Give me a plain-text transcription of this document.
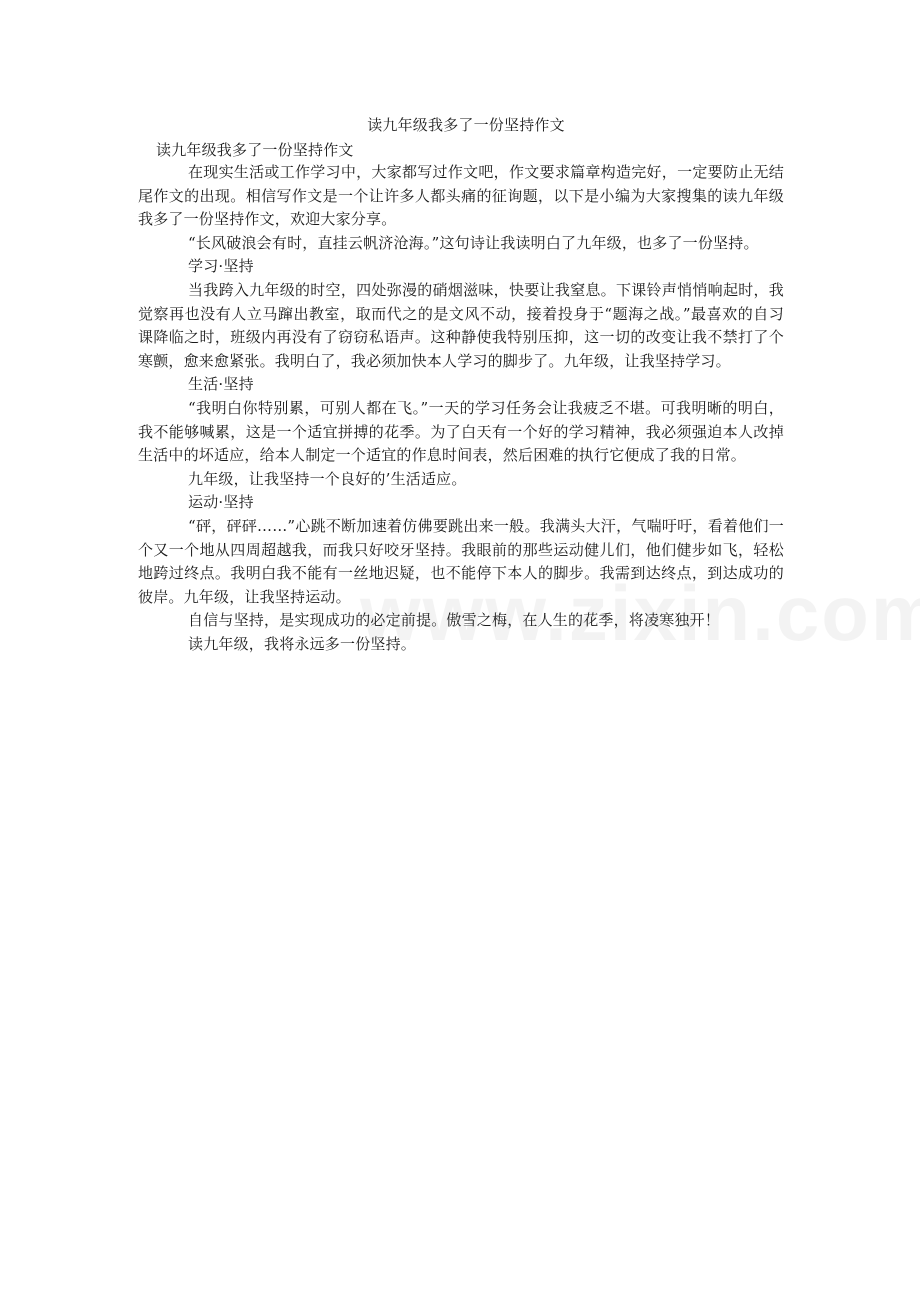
读九年级我多了一份坚持作文

读九年级我多了一份坚持作文

在现实生活或工作学习中，大家都写过作文吧，作文要求篇章构造完好，一定要防止无结尾作文的出现。相信写作文是一个让许多人都头痛的征询题，以下是小编为大家搜集的读九年级我多了一份坚持作文，欢迎大家分享。

“长风破浪会有时，直挂云帆济沧海。”这句诗让我读明白了九年级，也多了一份坚持。

学习·坚持

当我跨入九年级的时空，四处弥漫的硝烟滋味，快要让我窒息。下课铃声悄悄响起时，我觉察再也没有人立马蹿出教室，取而代之的是文风不动，接着投身于“题海之战。”最喜欢的自习课降临之时，班级内再没有了窃窃私语声。这种静使我特别压抑，这一切的改变让我不禁打了个寒颤，愈来愈紧张。我明白了，我必须加快本人学习的脚步了。九年级，让我坚持学习。

生活·坚持

“我明白你特别累，可别人都在飞。”一天的学习任务会让我疲乏不堪。可我明晰的明白，我不能够喊累，这是一个适宜拼搏的花季。为了白天有一个好的学习精神，我必须强迫本人改掉生活中的坏适应，给本人制定一个适宜的作息时间表，然后困难的执行它便成了我的日常。

九年级，让我坚持一个良好的’生活适应。

运动·坚持

“砰，砰砰……”心跳不断加速着仿佛要跳出来一般。我满头大汗，气喘吁吁，看着他们一个又一个地从四周超越我，而我只好咬牙坚持。我眼前的那些运动健儿们，他们健步如飞，轻松地跨过终点。我明白我不能有一丝地迟疑，也不能停下本人的脚步。我需到达终点，到达成功的彼岸。九年级，让我坚持运动。

自信与坚持，是实现成功的必定前提。傲雪之梅，在人生的花季，将凌寒独开！

读九年级，我将永远多一份坚持。
